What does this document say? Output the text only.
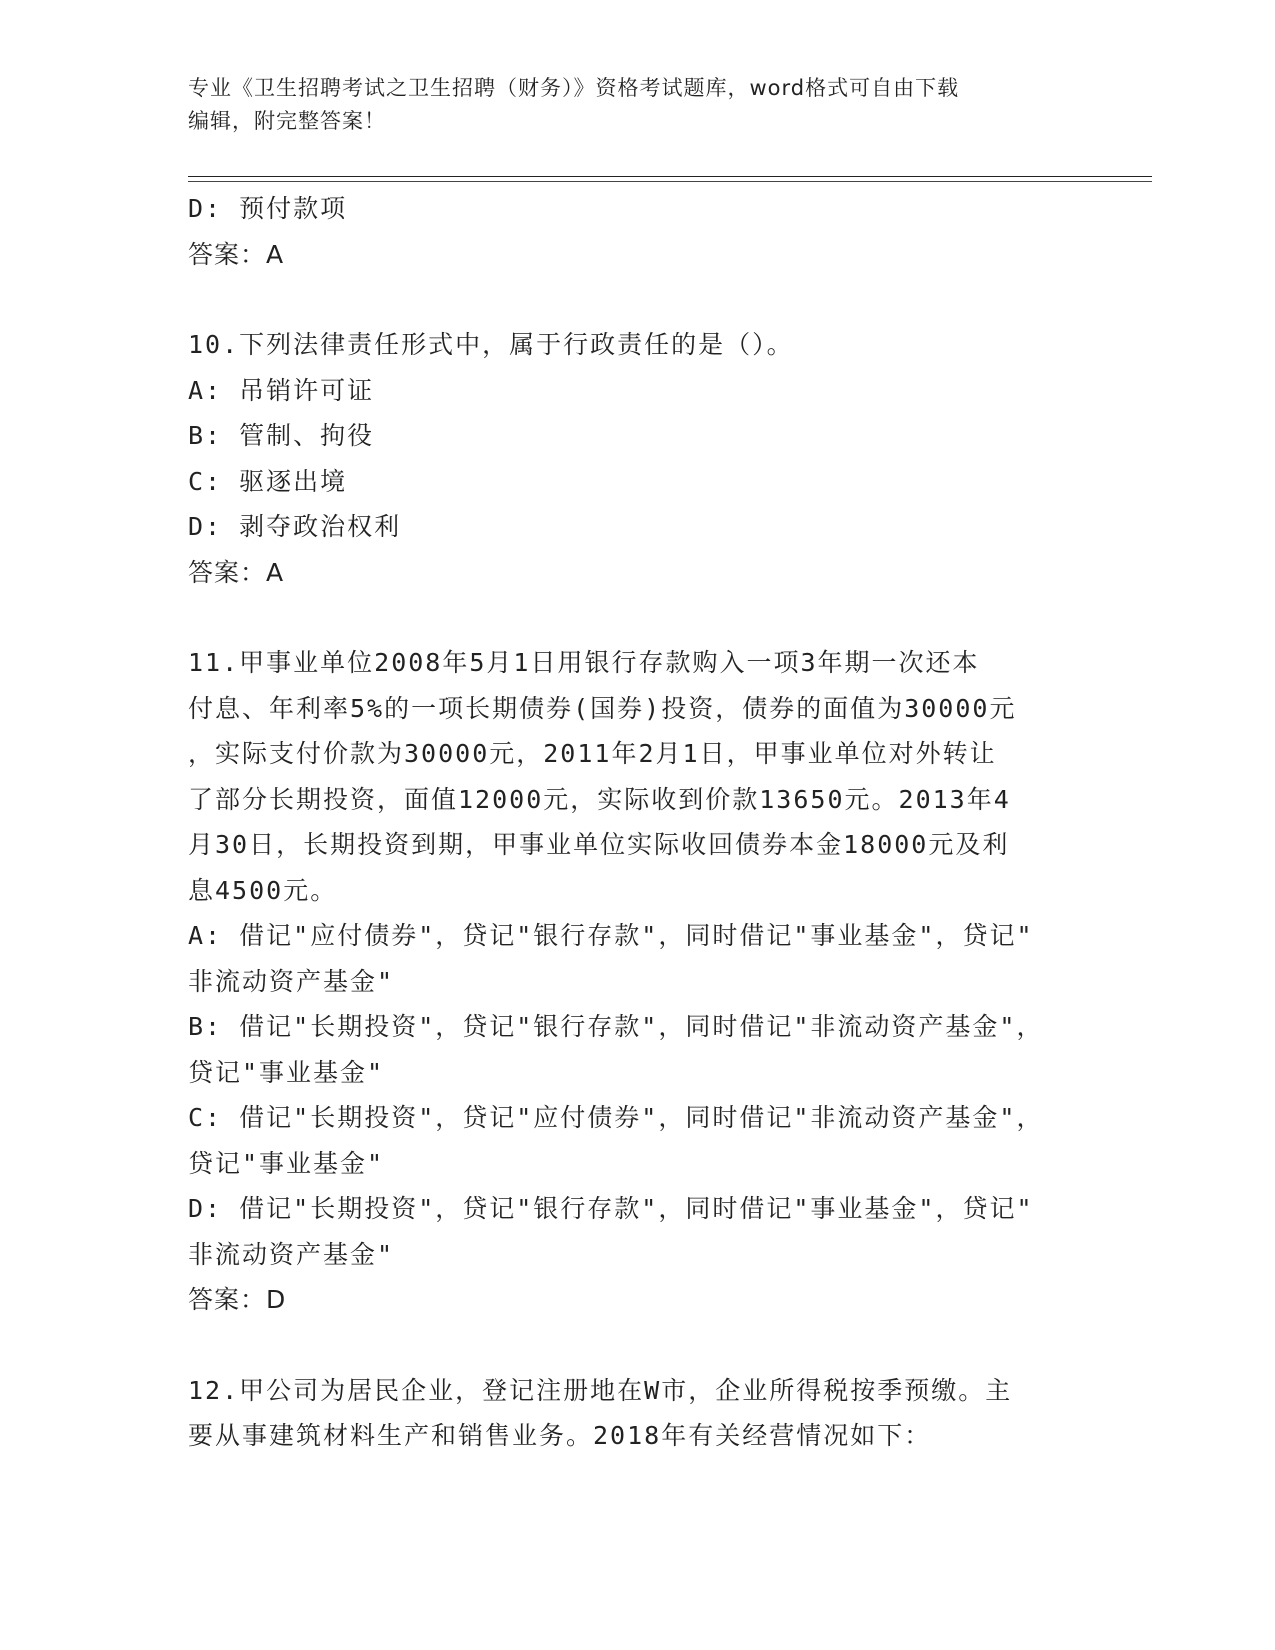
专业《卫生招聘考试之卫生招聘（财务）》资格考试题库，word格式可自由下载
编辑，附完整答案！
D: 预付款项
答案：A
10.下列法律责任形式中，属于行政责任的是（）。
A: 吊销许可证
B: 管制、拘役
C: 驱逐出境
D: 剥夺政治权利
答案：A
11.甲事业单位2008年5月1日用银行存款购入一项3年期一次还本
付息、年利率5%的一项长期债券(国券)投资，债券的面值为30000元
，实际支付价款为30000元，2011年2月1日，甲事业单位对外转让
了部分长期投资，面值12000元，实际收到价款13650元。2013年4
月30日，长期投资到期，甲事业单位实际收回债券本金18000元及利
息4500元。
A: 借记"应付债券"，贷记"银行存款"，同时借记"事业基金"，贷记"
非流动资产基金"
B: 借记"长期投资"，贷记"银行存款"，同时借记"非流动资产基金"，
贷记"事业基金"
C: 借记"长期投资"，贷记"应付债券"，同时借记"非流动资产基金"，
贷记"事业基金"
D: 借记"长期投资"，贷记"银行存款"，同时借记"事业基金"，贷记"
非流动资产基金"
答案：D
12.甲公司为居民企业，登记注册地在W市，企业所得税按季预缴。主
要从事建筑材料生产和销售业务。2018年有关经营情况如下：
